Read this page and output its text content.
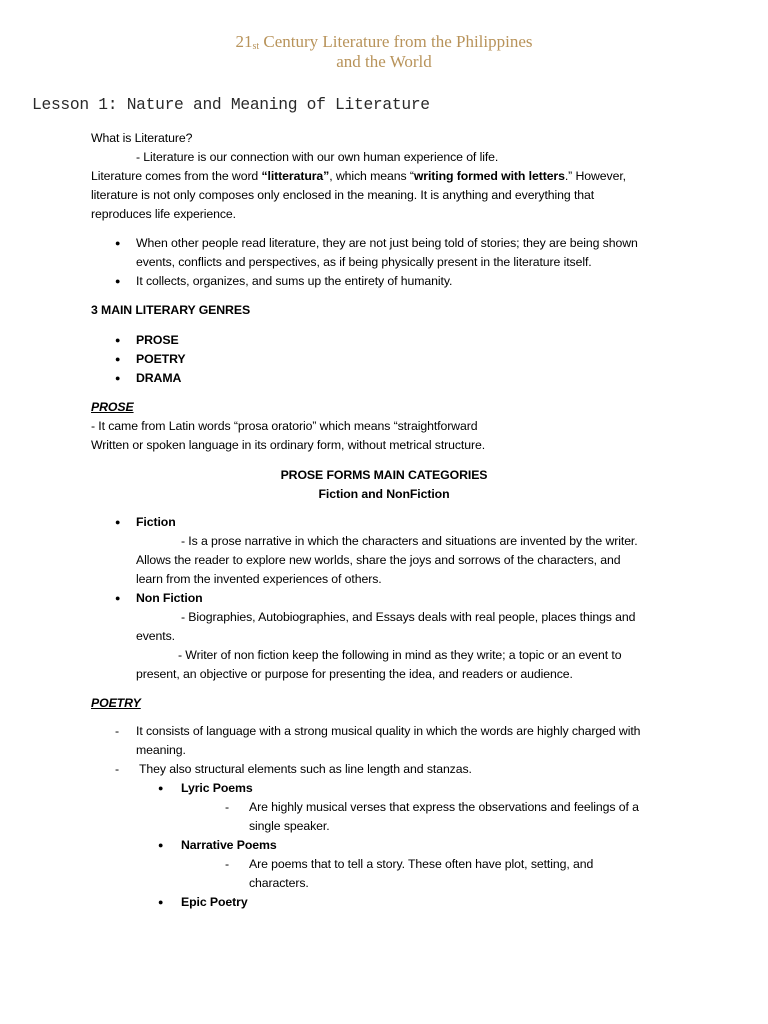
21st Century Literature from the Philippines
and the World
Lesson 1: Nature and Meaning of Literature
What is Literature?
- Literature is our connection with our own human experience of life.
Literature comes from the word “litteratura”, which means “writing formed with letters.” However,
literature is not only composes only enclosed in the meaning. It is anything and everything that
reproduces life experience.
● When other people read literature, they are not just being told of stories; they are being shown
events, conflicts and perspectives, as if being physically present in the literature itself.
● It collects, organizes, and sums up the entirety of humanity.
3 MAIN LITERARY GENRES
● PROSE
● POETRY
● DRAMA
PROSE
- It came from Latin words “prosa oratorio” which means “straightforward
Written or spoken language in its ordinary form, without metrical structure.
PROSE FORMS MAIN CATEGORIES
Fiction and NonFiction
● Fiction
- Is a prose narrative in which the characters and situations are invented by the writer.
Allows the reader to explore new worlds, share the joys and sorrows of the characters, and
learn from the invented experiences of others.
● Non Fiction
- Biographies, Autobiographies, and Essays deals with real people, places things and
events.
- Writer of non fiction keep the following in mind as they write; a topic or an event to
present, an objective or purpose for presenting the idea, and readers or audience.
POETRY
- It consists of language with a strong musical quality in which the words are highly charged with
meaning.
- They also structural elements such as line length and stanzas.
● Lyric Poems
- Are highly musical verses that express the observations and feelings of a
single speaker.
● Narrative Poems
- Are poems that to tell a story. These often have plot, setting, and
characters.
● Epic Poetry
